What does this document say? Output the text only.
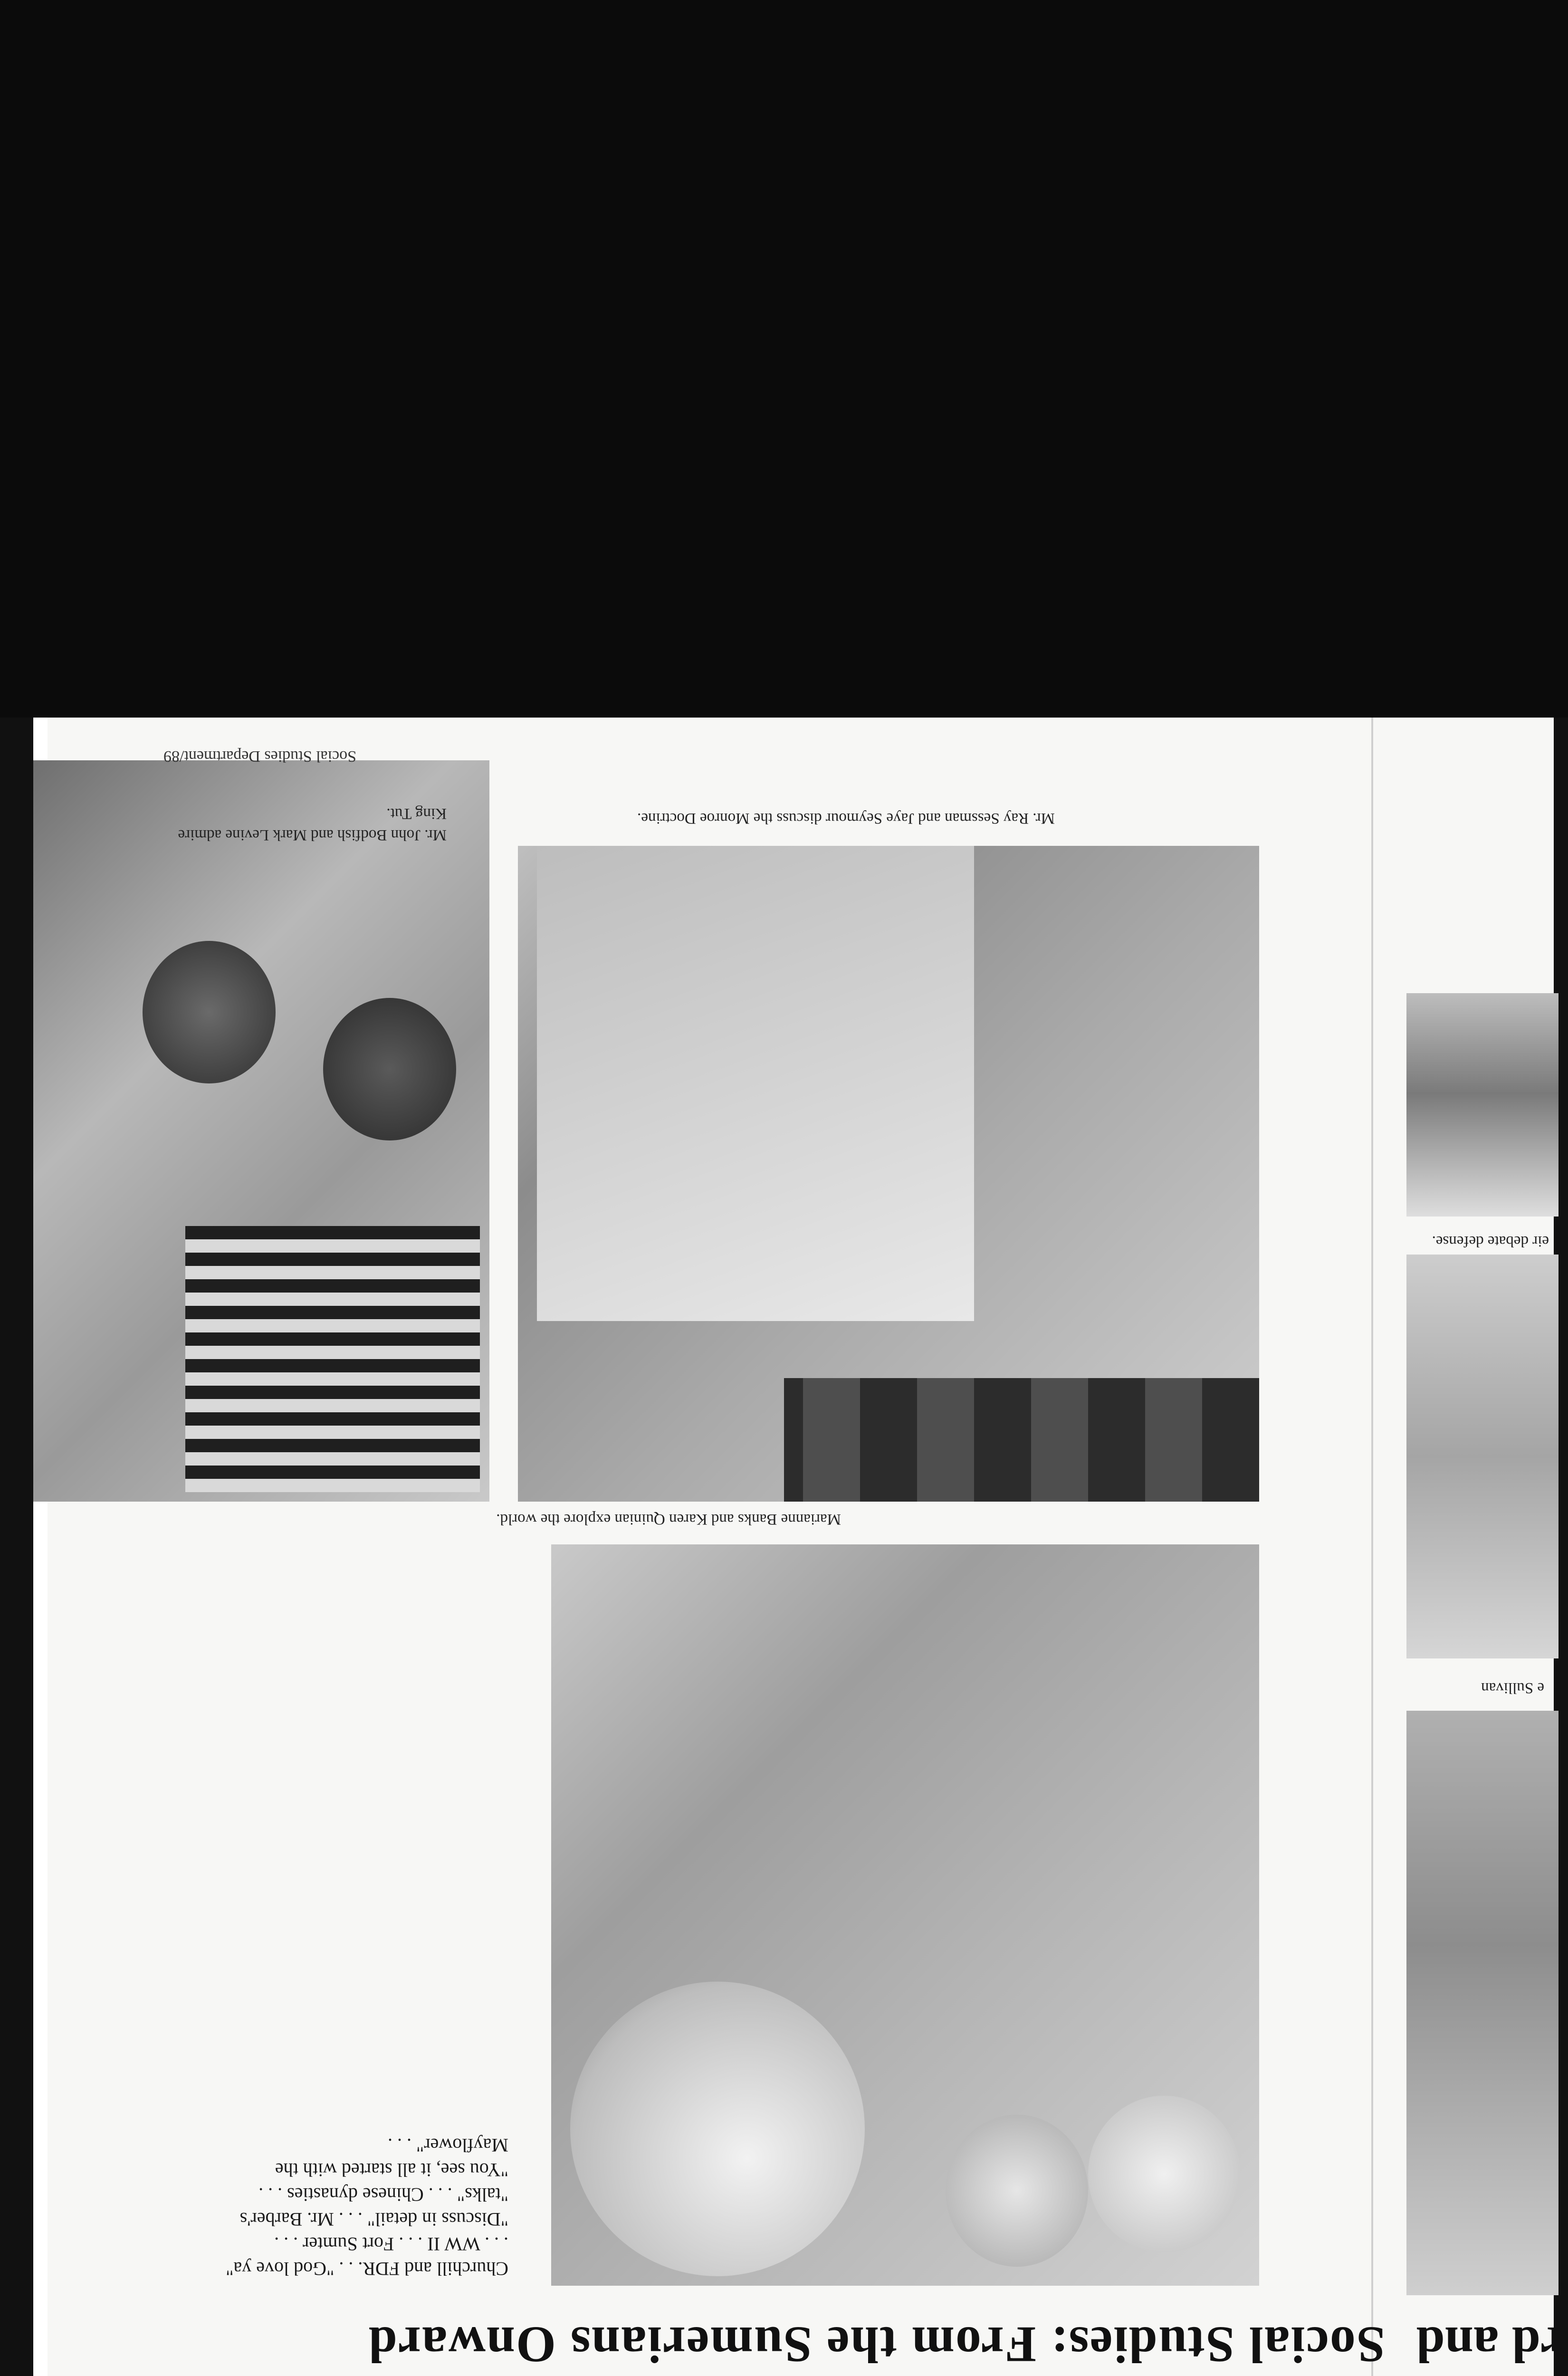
rd and
e Sullivan
eir debate defense.
Social Studies: From the Sumerians Onward
Marianne Banks and Karen Quinian explore the world.
Churchill and FDR. . . "God love ya"
. . . WW II . . . Fort Sumter . . .
"Discuss in detail" . . . Mr. Barber's
"talks" . . . Chinese dynasties . . .
"You see, it all started with the
Mayflower" . . .
Mr. Ray Sessman and Jaye Seymour discuss the Monroe Doctrine.
Mr. John Bodfish and Mark Levine admire
King Tut.
Social Studies Department/89
